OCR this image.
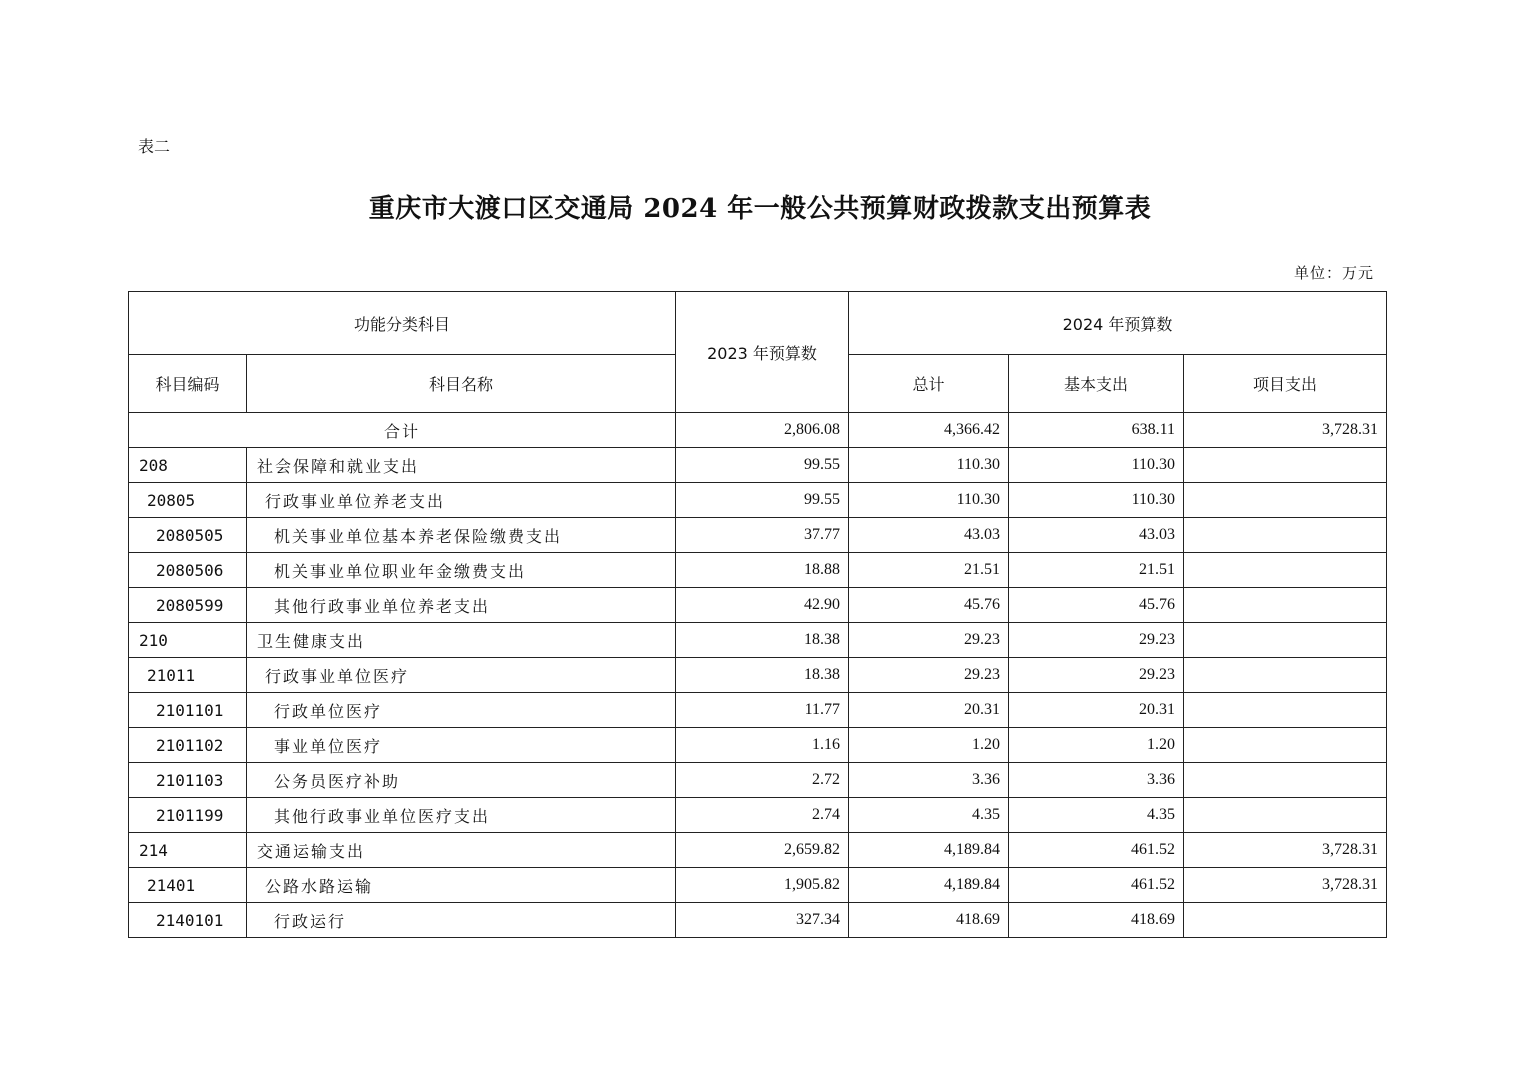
表二
重庆市大渡口区交通局 2024 年一般公共预算财政拨款支出预算表
单位：万元
功能分类科目		2023 年预算数	2024 年预算数		
科目编码	科目名称		总计	基本支出	项目支出
合计		2,806.08	4,366.42	638.11	3,728.31
208	社会保障和就业支出	99.55	110.30	110.30	
20805	行政事业单位养老支出	99.55	110.30	110.30	
2080505	机关事业单位基本养老保险缴费支出	37.77	43.03	43.03	
2080506	机关事业单位职业年金缴费支出	18.88	21.51	21.51	
2080599	其他行政事业单位养老支出	42.90	45.76	45.76	
210	卫生健康支出	18.38	29.23	29.23	
21011	行政事业单位医疗	18.38	29.23	29.23	
2101101	行政单位医疗	11.77	20.31	20.31	
2101102	事业单位医疗	1.16	1.20	1.20	
2101103	公务员医疗补助	2.72	3.36	3.36	
2101199	其他行政事业单位医疗支出	2.74	4.35	4.35	
214	交通运输支出	2,659.82	4,189.84	461.52	3,728.31
21401	公路水路运输	1,905.82	4,189.84	461.52	3,728.31
2140101	行政运行	327.34	418.69	418.69	
